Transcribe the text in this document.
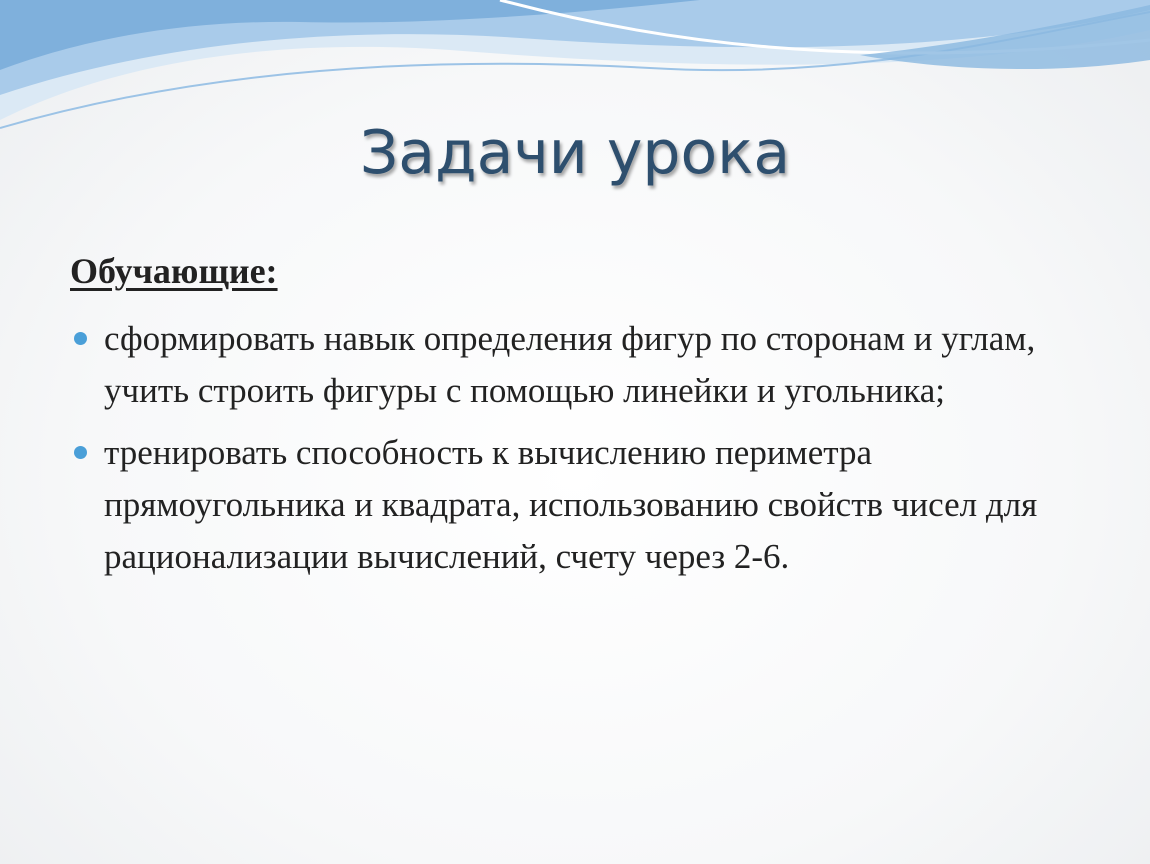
Задачи урока

Обучающие:

сформировать навык определения фигур по сторонам и углам, учить строить фигуры с помощью линейки и угольника;
тренировать способность к вычислению периметра прямоугольника и квадрата, использованию свойств чисел для рационализации вычислений, счету через 2-6.
